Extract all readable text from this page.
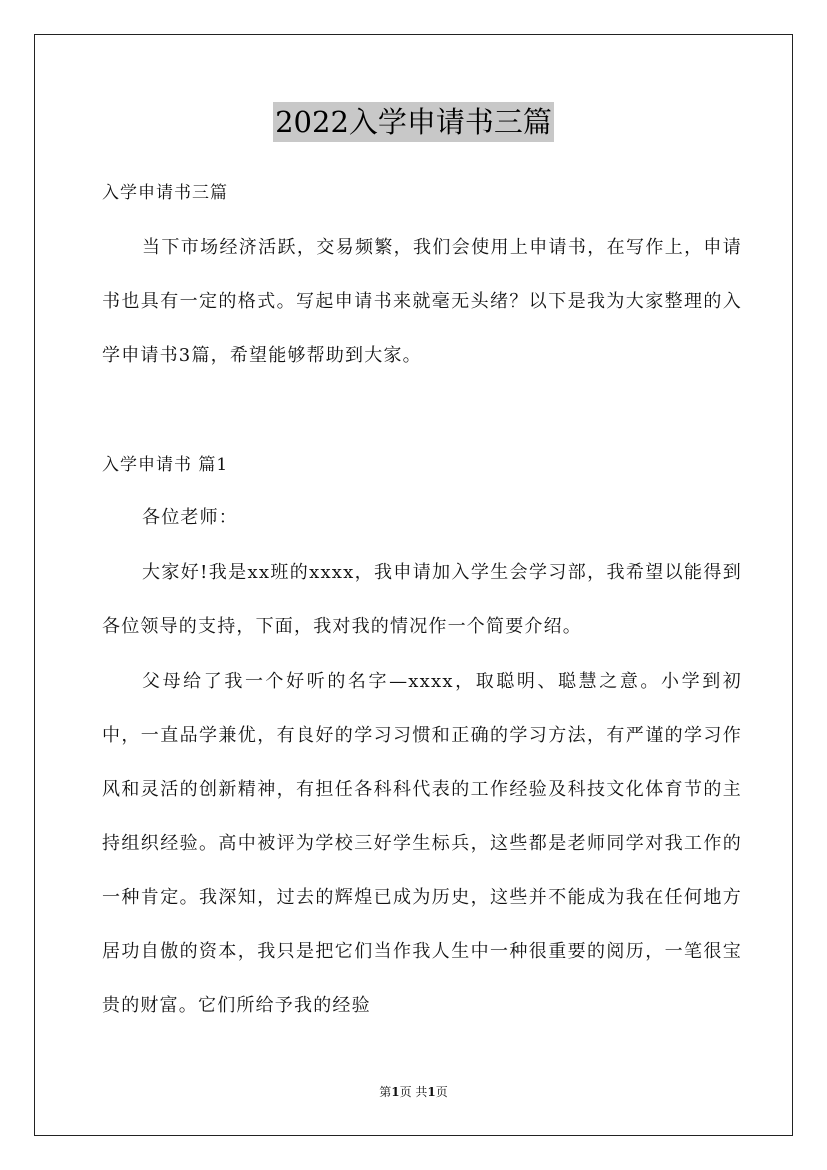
2022入学申请书三篇
入学申请书三篇

当下市场经济活跃，交易频繁，我们会使用上申请书，在写作上，申请书也具有一定的格式。写起申请书来就毫无头绪？以下是我为大家整理的入学申请书3篇，希望能够帮助到大家。

入学申请书 篇1

各位老师：

大家好!我是xx班的xxxx，我申请加入学生会学习部，我希望以能得到各位领导的支持，下面，我对我的情况作一个简要介绍。

父母给了我一个好听的名字—xxxx，取聪明、聪慧之意。小学到初中，一直品学兼优，有良好的学习习惯和正确的学习方法，有严谨的学习作风和灵活的创新精神，有担任各科科代表的工作经验及科技文化体育节的主持组织经验。高中被评为学校三好学生标兵，这些都是老师同学对我工作的一种肯定。我深知，过去的辉煌已成为历史，这些并不能成为我在任何地方居功自傲的资本，我只是把它们当作我人生中一种很重要的阅历，一笔很宝贵的财富。它们所给予我的经验

第1页 共1页
